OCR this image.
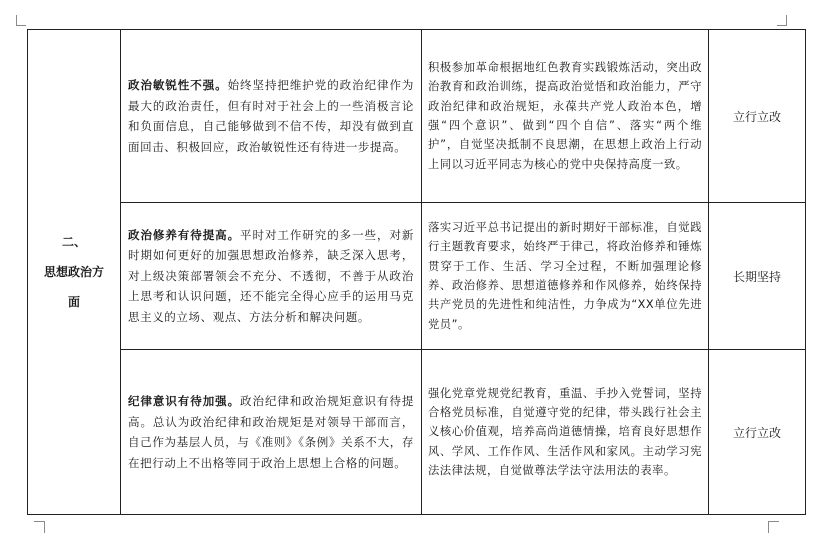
二、
思想政治方
面	政治敏锐性不强。始终坚持把维护党的政治纪律作为最大的政治责任，但有时对于社会上的一些消极言论和负面信息，自己能够做到不信不传，却没有做到直面回击、积极回应，政治敏锐性还有待进一步提高。	积极参加革命根据地红色教育实践锻炼活动，突出政治教育和政治训练，提高政治觉悟和政治能力，严守政治纪律和政治规矩，永葆共产党人政治本色，增强“四个意识”、做到“四个自信”、落实“两个维护”，自觉坚决抵制不良思潮，在思想上政治上行动上同以习近平同志为核心的党中央保持高度一致。	立行立改

	政治修养有待提高。平时对工作研究的多一些，对新时期如何更好的加强思想政治修养，缺乏深入思考，对上级决策部署领会不充分、不透彻，不善于从政治上思考和认识问题，还不能完全得心应手的运用马克思主义的立场、观点、方法分析和解决问题。	落实习近平总书记提出的新时期好干部标准，自觉践行主题教育要求，始终严于律己，将政治修养和锤炼贯穿于工作、生活、学习全过程，不断加强理论修养、政治修养、思想道德修养和作风修养，始终保持共产党员的先进性和纯洁性，力争成为“XX单位先进党员”。	长期坚持

	纪律意识有待加强。政治纪律和政治规矩意识有待提高。总认为政治纪律和政治规矩是对领导干部而言，自己作为基层人员，与《准则》《条例》关系不大，存在把行动上不出格等同于政治上思想上合格的问题。	强化党章党规党纪教育，重温、手抄入党誓词，坚持合格党员标准，自觉遵守党的纪律，带头践行社会主义核心价值观，培养高尚道德情操，培育良好思想作风、学风、工作作风、生活作风和家风。主动学习宪法法律法规，自觉做尊法学法守法用法的表率。	立行立改
